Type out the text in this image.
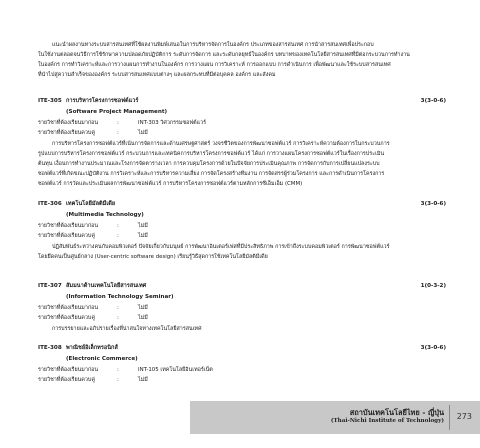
แนะนำผลงานทางระบบสารสนเทศที่ใช้ผลงานพิมพ์เสนอในการบริหารจัดการในองค์กร ประเภทของสารสนเทศ การนำสารสนเทศเพื่อประกอบ
ในใช้งานตลอดจนวิธีการใช้รักษาความปลอดภัยปฏิบัติการ ระดับการจัดการ และระดับกลยุทธ์ในองค์กร บทบาทของเทคโนโลยีสารสนเทศที่มีต่อกระบวนการทำงาน
ในองค์กร การทำวิเคราะห์และการวางแผนการทำงานในองค์กร การวางแผน การวิเคราะห์ การออกแบบ การดำเนินการ เพื่อพัฒนาและใช้ระบบสารสนเทศ
ที่นำไปสู่ความสำเร็จขององค์กร ระบบสารสนเทศแบบต่างๆ และผลกระทบที่มีต่อบุคคล องค์กร และสังคม
ITE-305 การบริหารโครงการซอฟต์แวร์	3(3-0-6)
(Software Project Management)
รายวิชาที่ต้องเรียนมาก่อน	:	INT-303 วิศวกรรมซอฟต์แวร์
รายวิชาที่ต้องเรียนควบคู่	:	ไม่มี
การบริหารโครงการซอฟต์แวร์ที่เน้นการจัดการและด้านเศรษฐศาสตร์ วงจรชีวิตของการพัฒนาซอฟต์แวร์ การวิเคราะห์ความต้องการในกระบวนการ
รูปแบบการบริหารโครงการซอฟต์แวร์ กระบวนการและเทคนิคการบริหารโครงการซอฟต์แวร์ ได้แก่ การวางแผนโครงการซอฟต์แวร์ในเรื่องการประเมิน
ต้นทุน เงื่อนการทำงานประมาณและโรงการจัดตารางเวลา การควบคุมโครงการด้วยในปัจจัยการประเมินคุณภาพ การจัดการกับการเปลี่ยนแปลงระบบ
ซอฟต์แวร์ที่เกิดขณะปฏิบัติงาน การวิเคราะห์และการบริหารความเสี่ยง การจัดโครงสร้างทีมงาน การจัดสรรผู้ร่วมโครงการ และการดำเนินการโครงการ
ซอฟต์แวร์ การวัดและประเมินผลการพัฒนาซอฟต์แวร์ การบริหารโครงการซอฟต์แวร์ตามหลักการซีเอ็มเอ็ม (CMM)
ITE-306 เทคโนโลยีมัลติมีเดีย	3(3-0-6)
(Multimedia Technology)
รายวิชาที่ต้องเรียนมาก่อน	:	ไม่มี
รายวิชาที่ต้องเรียนควบคู่	:	ไม่มี
ปฏิสัมพันธ์ระหว่างคนกับคอมพิวเตอร์ ปัจจัยเกี่ยวกับมนุษย์ การพัฒนาอินเตอร์เฟสที่มีประสิทธิภาพ การเข้าถึงระบบคอมพิวเตอร์ การพัฒนาซอฟต์แวร์
โดยยึดคนเป็นศูนย์กลาง (User-centric software design) เรียนรู้วิธีสุดการใช้เทคโนโลยีมัลติมีเดีย
ITE-307 สัมมนาด้านเทคโนโลยีสารสนเทศ	1(0-3-2)
(Information Technology Seminar)
รายวิชาที่ต้องเรียนมาก่อน	:	ไม่มี
รายวิชาที่ต้องเรียนควบคู่	:	ไม่มี
การบรรยายและอภิปรายเรื่องที่น่าสนใจทางเทคโนโลยีสารสนเทศ
ITE-308 พาณิชย์อิเล็กทรอนิกส์	3(3-0-6)
(Electronic Commerce)
รายวิชาที่ต้องเรียนมาก่อน	:	INT-105 เทคโนโลยีอินเทอร์เน็ต
รายวิชาที่ต้องเรียนควบคู่	:	ไม่มี
สถาบันเทคโนโลยีไทย - ญี่ปุ่น
(Thai-Nichi Institute of Technology) 273
